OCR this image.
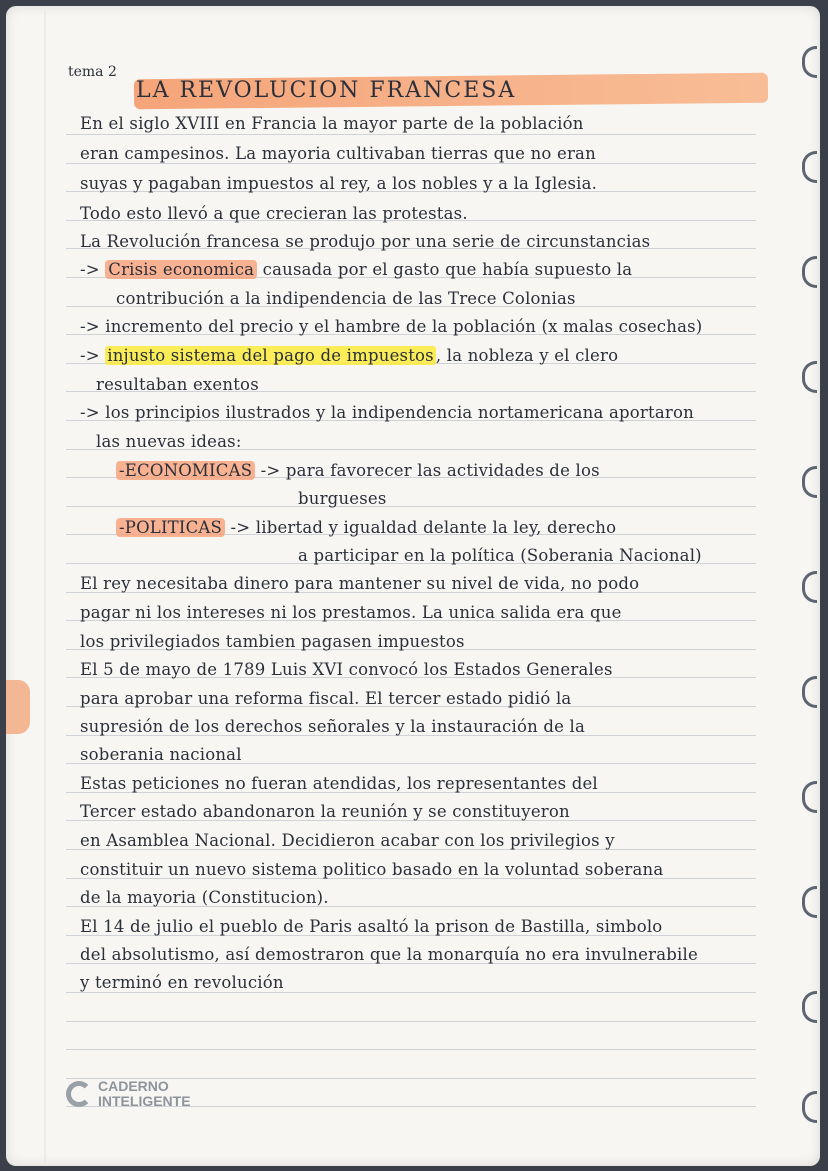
tema 2
LA REVOLUCION FRANCESA
En el siglo XVIII en Francia la mayor parte de la población
eran campesinos. La mayoria cultivaban tierras que no eran
suyas y pagaban impuestos al rey, a los nobles y a la Iglesia.
Todo esto llevó a que crecieran las protestas.
La Revolución francesa se produjo por una serie de circunstancias
-> Crisis economica causada por el gasto que había supuesto la
contribución a la indipendencia de las Trece Colonias
-> incremento del precio y el hambre de la población (x malas cosechas)
-> injusto sistema del pago de impuestos , la nobleza y el clero
resultaban exentos
-> los principios ilustrados y la indipendencia nortamericana aportaron
las nuevas ideas:
-ECONOMICAS -> para favorecer las actividades de los
burgueses
-POLITICAS -> libertad y igualdad delante la ley, derecho
a participar en la política (Soberania Nacional)
El rey necesitaba dinero para mantener su nivel de vida, no podo
pagar ni los intereses ni los prestamos. La unica salida era que
los privilegiados tambien pagasen impuestos
El 5 de mayo de 1789 Luis XVI convocó los Estados Generales
para aprobar una reforma fiscal. El tercer estado pidió la
supresión de los derechos señorales y la instauración de la
soberania nacional
Estas peticiones no fueran atendidas, los representantes del
Tercer estado abandonaron la reunión y se constituyeron
en Asamblea Nacional. Decidieron acabar con los privilegios y
constituir un nuevo sistema politico basado en la voluntad soberana
de la mayoria (Constitucion).
El 14 de julio el pueblo de Paris asaltó la prison de Bastilla, simbolo
del absolutismo, así demostraron que la monarquía no era invulnerabile
y terminó en revolución
CADERNO
INTELIGENTE
